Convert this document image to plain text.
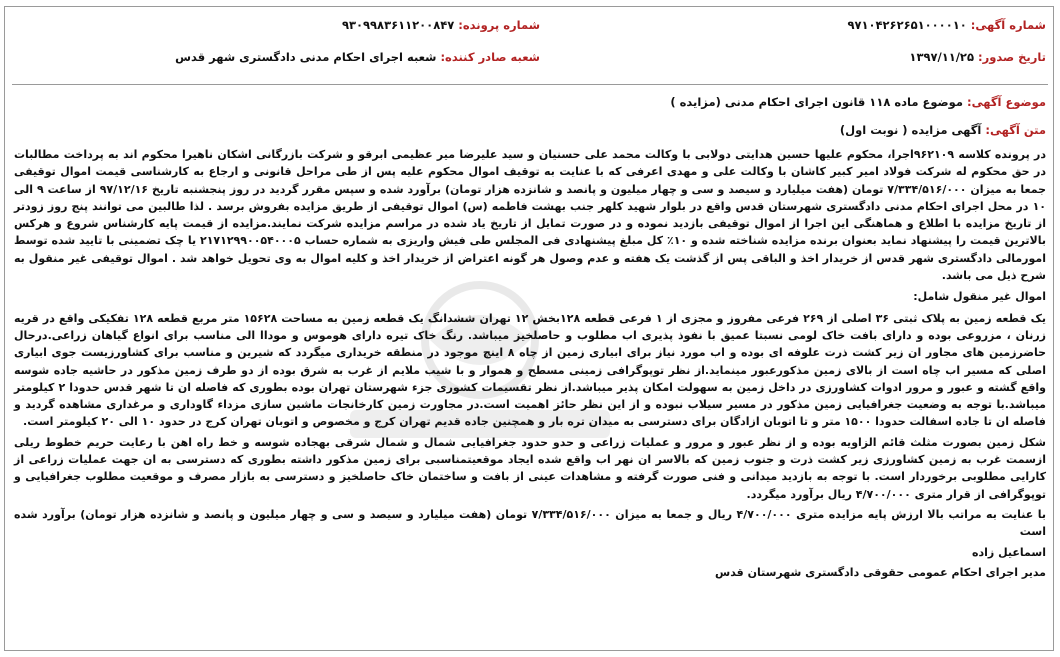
شماره آگهی: ۹۷۱۰۴۲۶۲۶۵۱۰۰۰۰۱۰
شماره پرونده: ۹۳۰۹۹۸۳۶۱۱۲۰۰۸۴۷
تاریخ صدور: ۱۳۹۷/۱۱/۲۵
شعبه صادر کننده: شعبه اجرای احکام مدنی دادگستری شهر قدس
موضوع آگهی: موضوع ماده ۱۱۸ قانون اجرای احکام مدنی (مزایده )
متن آگهی: آگهی مزایده ( نوبت اول)

در پرونده کلاسه ۹۶۲۱۰۹اجرا، محکوم علیها حسین هدایتی دولابی با وکالت محمد علی حسنیان و سید علیرضا میر عظیمی ابرقو و شرکت بازرگانی اشکان ناهیرا محکوم اند به پرداخت مطالبات در حق محکوم له شرکت فولاد امیر کبیر کاشان با وکالت علی و مهدی اعرفی که با عنایت به توقیف اموال محکوم علیه پس از طی مراحل قانونی و ارجاع به کارشناسی قیمت اموال توقیفی جمعا به میزان ۷/۳۳۴/۵۱۶/۰۰۰ تومان (هفت میلیارد و سیصد و سی و چهار میلیون و پانصد و شانزده هزار تومان) برآورد شده و سپس مقرر گردید در روز پنجشنبه تاریخ ۹۷/۱۲/۱۶ از ساعت ۹ الی ۱۰ در محل اجرای احکام مدنی دادگستری شهرستان قدس واقع در بلوار شهید کلهر جنب بهشت فاطمه (س) اموال توقیفی از طریق مزایده بفروش برسد . لذا طالبین می توانند پنج روز زودتر از تاریخ مزایده با اطلاع و هماهنگی این اجرا از اموال توقیفی بازدید نموده و در صورت تمایل از تاریخ یاد شده در مراسم مزایده شرکت نمایند.مزایده از قیمت پایه کارشناس شروع و هرکس بالاترین قیمت را پیشنهاد نماید بعنوان برنده مزایده شناخته شده و ۱۰٪ کل مبلغ پیشنهادی فی المجلس طی فیش واریزی به شماره حساب ۲۱۷۱۲۹۹۰۰۵۴۰۰۰۵ یا چک تضمینی با تایید شده توسط امورمالی دادگستری شهر قدس از خریدار اخذ و الباقی پس از گذشت یک هفته و عدم وصول هر گونه اعتراض از خریدار اخذ و کلیه اموال به وی تحویل خواهد شد . اموال توقیفی غیر منقول به شرح ذیل می باشد.

اموال غیر منقول شامل:

یک قطعه زمین به پلاک ثبتی ۳۶ اصلی از ۲۶۹ فرعی مفروز و مجزی از ۱ فرعی قطعه ۱۲۸بخش ۱۲ تهران ششدانگ یک قطعه زمین به مساحت ۱۵۶۲۸ متر مربع قطعه ۱۲۸ تفکیکی واقع در قریه زرنان ، مزروعی بوده و دارای بافت خاک لومی نسبتا عمیق با نفوذ پذیری اب مطلوب و حاصلخیز میباشد. رنگ خاک تیره دارای هوموس و موداا الی مناسب برای انواع گیاهان زراعی.درحال حاضرزمین های مجاور ان زیر کشت ذرت علوفه ای بوده و اب مورد نیاز برای ابیاری زمین از چاه ۸ اینچ موجود در منطقه خریداری میگردد که شیرین و مناسب برای کشاورزیست جوی ابیاری اصلی که مسیر اب چاه است از بالای زمین مذکورعبور مینماید.از نظر توپوگرافی زمینی مسطح و هموار و با شیب ملایم از غرب به شرق بوده از دو طرف زمین مذکور در حاشیه جاده شوسه واقع گشته و عبور و مرور ادوات کشاورزی در داخل زمین به سهولت امکان پذیر میباشد.از نظر تقسیمات کشوری جزء شهرستان تهران بوده بطوری که فاصله ان تا شهر قدس حدودا ۲ کیلومتر میباشد.با توجه به وضعیت جغرافیایی زمین مذکور در مسیر سیلاب نبوده و از این نظر حائز اهمیت است.در مجاورت زمین کارخانجات ماشین سازی مزداء گاوداری و مرغداری مشاهده گردید و فاصله ان تا جاده اسفالت حدودا ۱۵۰۰ متر و تا اتوبان ازادگان برای دسترسی به میدان تره بار و همچنین جاده قدیم تهران کرج و مخصوص و اتوبان تهران کرج در حدود ۱۰ الی ۲۰ کیلومتر است.

شکل زمین بصورت مثلث قائم الزاویه بوده و از نظر عبور و مرور و عملیات زراعی و حدو حدود جغرافیایی شمال و شمال شرقی بهجاده شوسه و خط راه اهن با رعایت حریم خطوط ریلی ازسمت غرب به زمین کشاورزی زیر کشت ذرت و جنوب زمین که بالاسر ان نهر اب واقع شده ایجاد موقعیتمناسبی برای زمین مذکور داشته بطوری که دسترسی به ان جهت عملیات زراعی از کارایی مطلوبی برخوردار است. با توجه به بازدید میدانی و فنی صورت گرفته و مشاهدات عینی از بافت و ساختمان خاک حاصلخیز و دسترسی به بازار مصرف و موقعیت مطلوب جغرافیایی و توپوگرافی از قرار متری ۴/۷۰۰/۰۰۰ ریال برآورد میگردد.

با عنایت به مراتب بالا ارزش پایه مزایده متری ۴/۷۰۰/۰۰۰ ریال و جمعا به میزان ۷/۳۳۴/۵۱۶/۰۰۰ تومان (هفت میلیارد و سیصد و سی و چهار میلیون و پانصد و شانزده هزار تومان) برآورد شده است

اسماعیل زاده

مدیر اجرای احکام عمومی حقوقی دادگستری شهرستان قدس
